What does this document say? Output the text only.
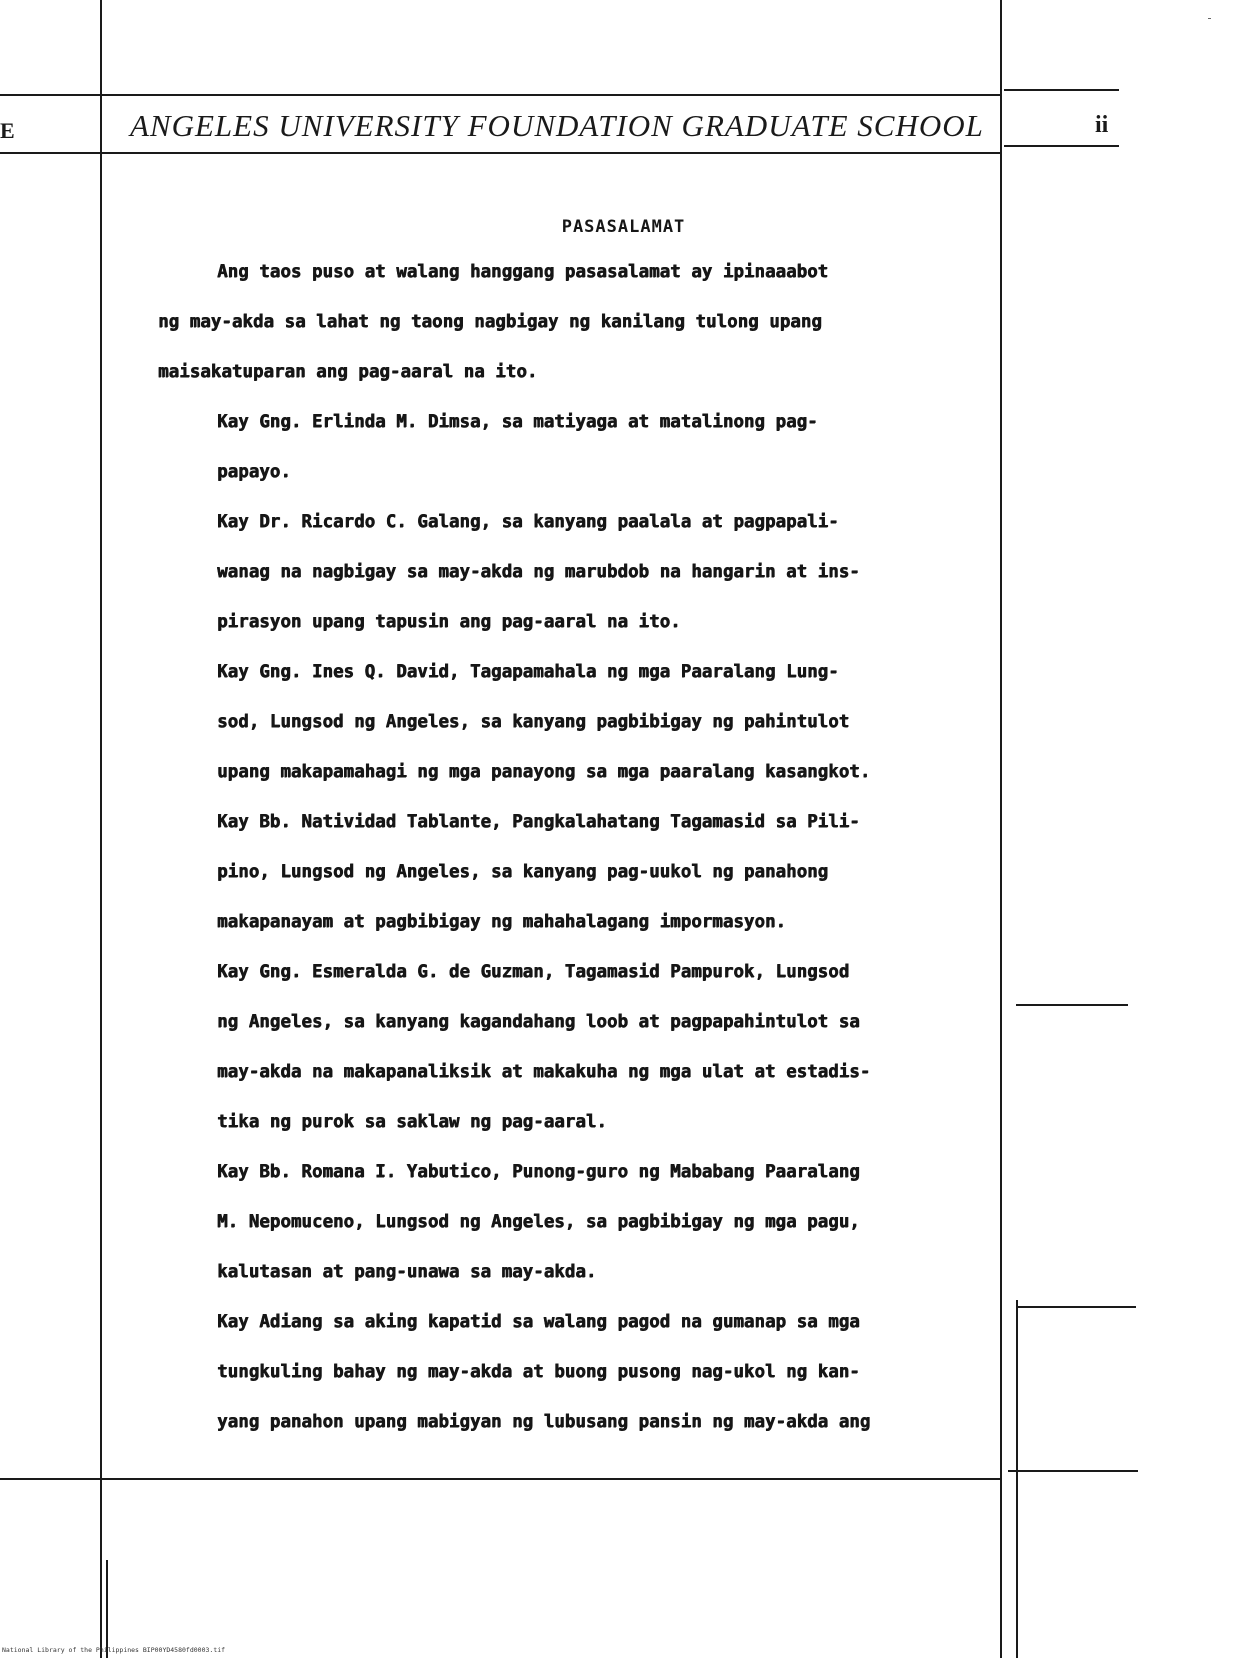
E	ANGELES UNIVERSITY FOUNDATION GRADUATE SCHOOL	ii
PASASALAMAT
Ang taos puso at walang hanggang pasasalamat ay ipinaaabot
ng may-akda sa lahat ng taong nagbigay ng kanilang tulong upang
maisakatuparan ang pag-aaral na ito.
Kay Gng. Erlinda M. Dimsa, sa matiyaga at matalinong pag-
papayo.
Kay Dr. Ricardo C. Galang, sa kanyang paalala at pagpapali-
wanag na nagbigay sa may-akda ng marubdob na hangarin at ins-
pirasyon upang tapusin ang pag-aaral na ito.
Kay Gng. Ines Q. David, Tagapamahala ng mga Paaralang Lung-
sod, Lungsod ng Angeles, sa kanyang pagbibigay ng pahintulot
upang makapamahagi ng mga panayong sa mga paaralang kasangkot.
Kay Bb. Natividad Tablante, Pangkalahatang Tagamasid sa Pili-
pino, Lungsod ng Angeles, sa kanyang pag-uukol ng panahong
makapanayam at pagbibigay ng mahahalagang impormasyon.
Kay Gng. Esmeralda G. de Guzman, Tagamasid Pampurok, Lungsod
ng Angeles, sa kanyang kagandahang loob at pagpapahintulot sa
may-akda na makapanaliksik at makakuha ng mga ulat at estadis-
tika ng purok sa saklaw ng pag-aaral.
Kay Bb. Romana I. Yabutico, Punong-guro ng Mababang Paaralang
M. Nepomuceno, Lungsod ng Angeles, sa pagbibigay ng mga pagu,
kalutasan at pang-unawa sa may-akda.
Kay Adiang sa aking kapatid sa walang pagod na gumanap sa mga
tungkuling bahay ng may-akda at buong pusong nag-ukol ng kan-
yang panahon upang mabigyan ng lubusang pansin ng may-akda ang
National Library of the Philippines BIP00YD4580fd0003.tif
